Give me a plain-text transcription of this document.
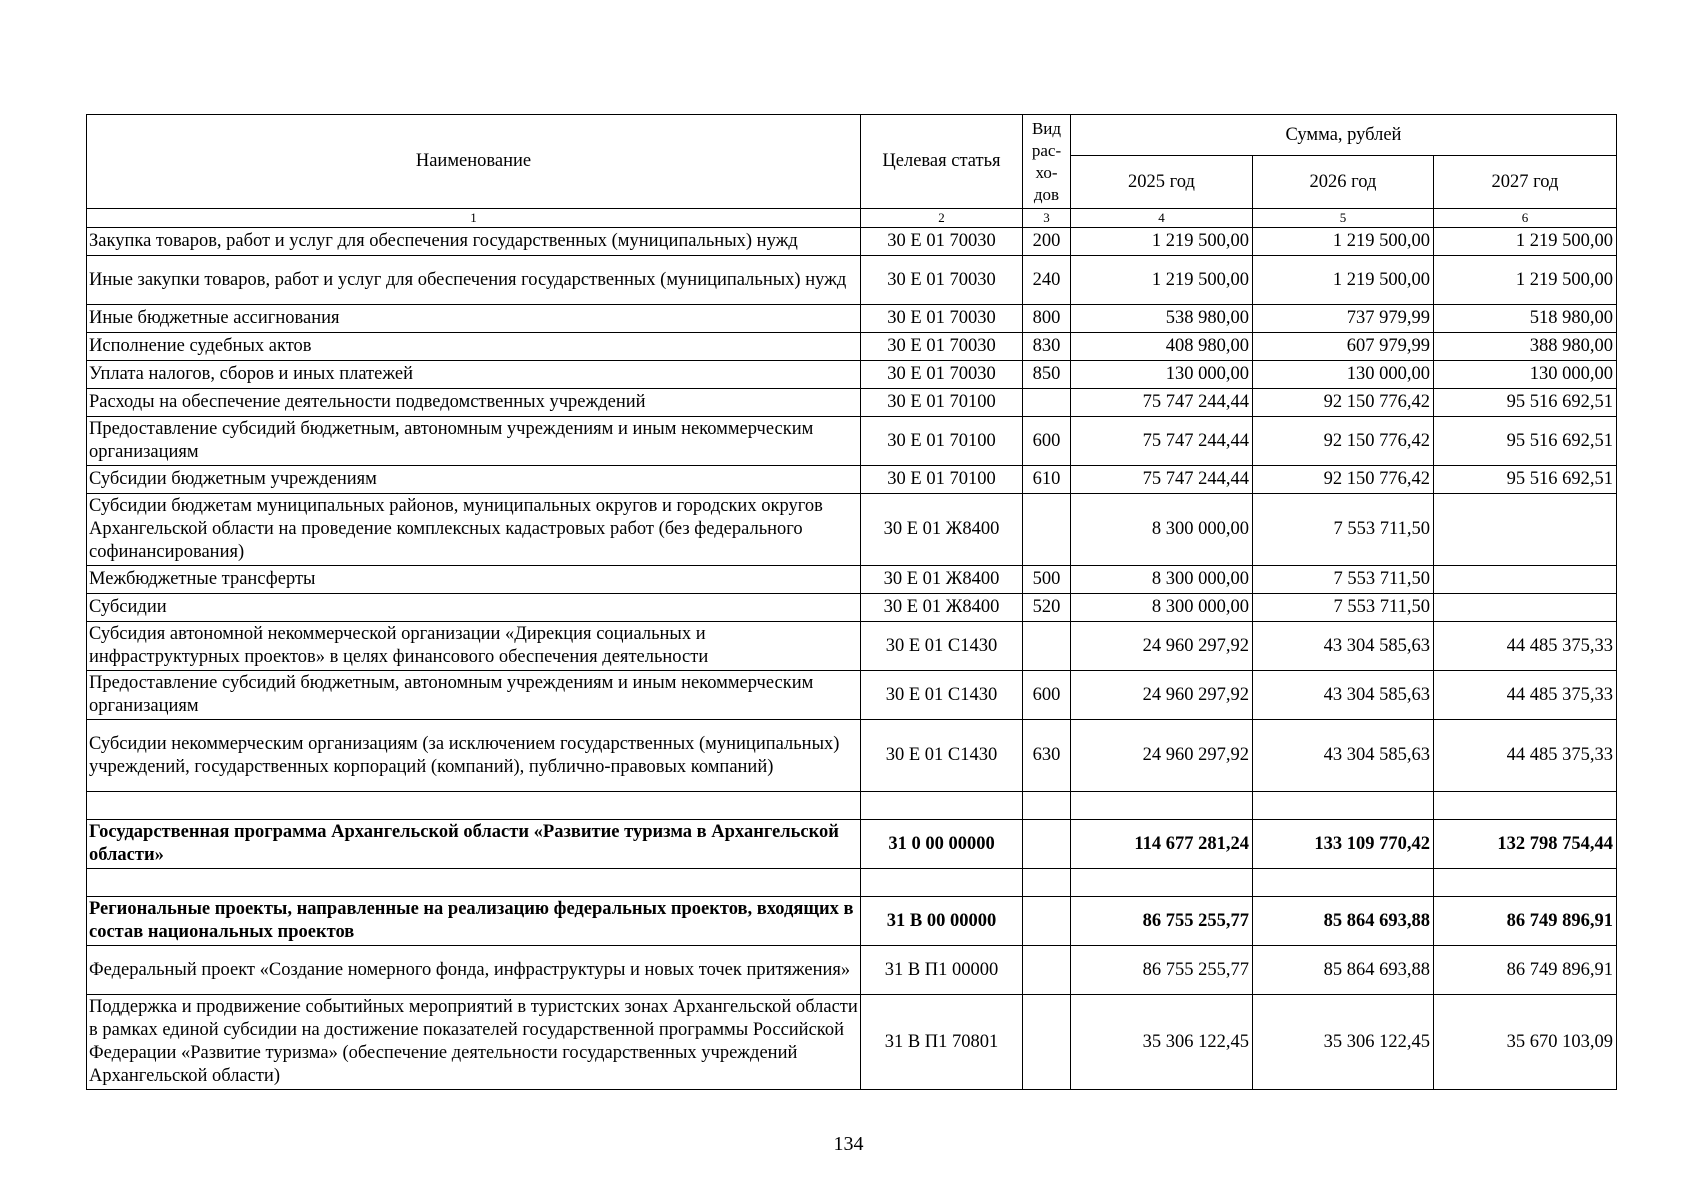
Наименование	Целевая статья	Вид рас-хо-дов	Сумма, рублей		
			2025 год	2026 год	2027 год
1	2	3	4	5	6
Закупка товаров, работ и услуг для обеспечения государственных (муниципальных) нужд	30 Е 01 70030	200	1 219 500,00	1 219 500,00	1 219 500,00
Иные закупки товаров, работ и услуг для обеспечения государственных (муниципальных) нужд	30 Е 01 70030	240	1 219 500,00	1 219 500,00	1 219 500,00
Иные бюджетные ассигнования	30 Е 01 70030	800	538 980,00	737 979,99	518 980,00
Исполнение судебных актов	30 Е 01 70030	830	408 980,00	607 979,99	388 980,00
Уплата налогов, сборов и иных платежей	30 Е 01 70030	850	130 000,00	130 000,00	130 000,00
Расходы на обеспечение деятельности подведомственных учреждений	30 Е 01 70100		75 747 244,44	92 150 776,42	95 516 692,51
Предоставление субсидий бюджетным, автономным учреждениям и иным некоммерческим организациям	30 Е 01 70100	600	75 747 244,44	92 150 776,42	95 516 692,51
Субсидии бюджетным учреждениям	30 Е 01 70100	610	75 747 244,44	92 150 776,42	95 516 692,51
Субсидии бюджетам муниципальных районов, муниципальных округов и городских округов Архангельской области на проведение комплексных кадастровых работ (без федерального софинансирования)	30 Е 01 Ж8400		8 300 000,00	7 553 711,50	
Межбюджетные трансферты	30 Е 01 Ж8400	500	8 300 000,00	7 553 711,50	
Субсидии	30 Е 01 Ж8400	520	8 300 000,00	7 553 711,50	
Субсидия автономной некоммерческой организации «Дирекция социальных и инфраструктурных проектов» в целях финансового обеспечения деятельности	30 Е 01 С1430		24 960 297,92	43 304 585,63	44 485 375,33
Предоставление субсидий бюджетным, автономным учреждениям и иным некоммерческим организациям	30 Е 01 С1430	600	24 960 297,92	43 304 585,63	44 485 375,33
Субсидии некоммерческим организациям (за исключением государственных (муниципальных) учреждений, государственных корпораций (компаний), публично-правовых компаний)	30 Е 01 С1430	630	24 960 297,92	43 304 585,63	44 485 375,33

Государственная программа Архангельской области «Развитие туризма в Архангельской области»	31 0 00 00000		114 677 281,24	133 109 770,42	132 798 754,44

Региональные проекты, направленные на реализацию федеральных проектов, входящих в состав национальных проектов	31 В 00 00000		86 755 255,77	85 864 693,88	86 749 896,91
Федеральный проект «Создание номерного фонда, инфраструктуры и новых точек притяжения»	31 В П1 00000		86 755 255,77	85 864 693,88	86 749 896,91
Поддержка и продвижение событийных мероприятий в туристских зонах Архангельской области в рамках единой субсидии на достижение показателей государственной программы Российской Федерации «Развитие туризма» (обеспечение деятельности государственных учреждений Архангельской области)	31 В П1 70801		35 306 122,45	35 306 122,45	35 670 103,09
134
